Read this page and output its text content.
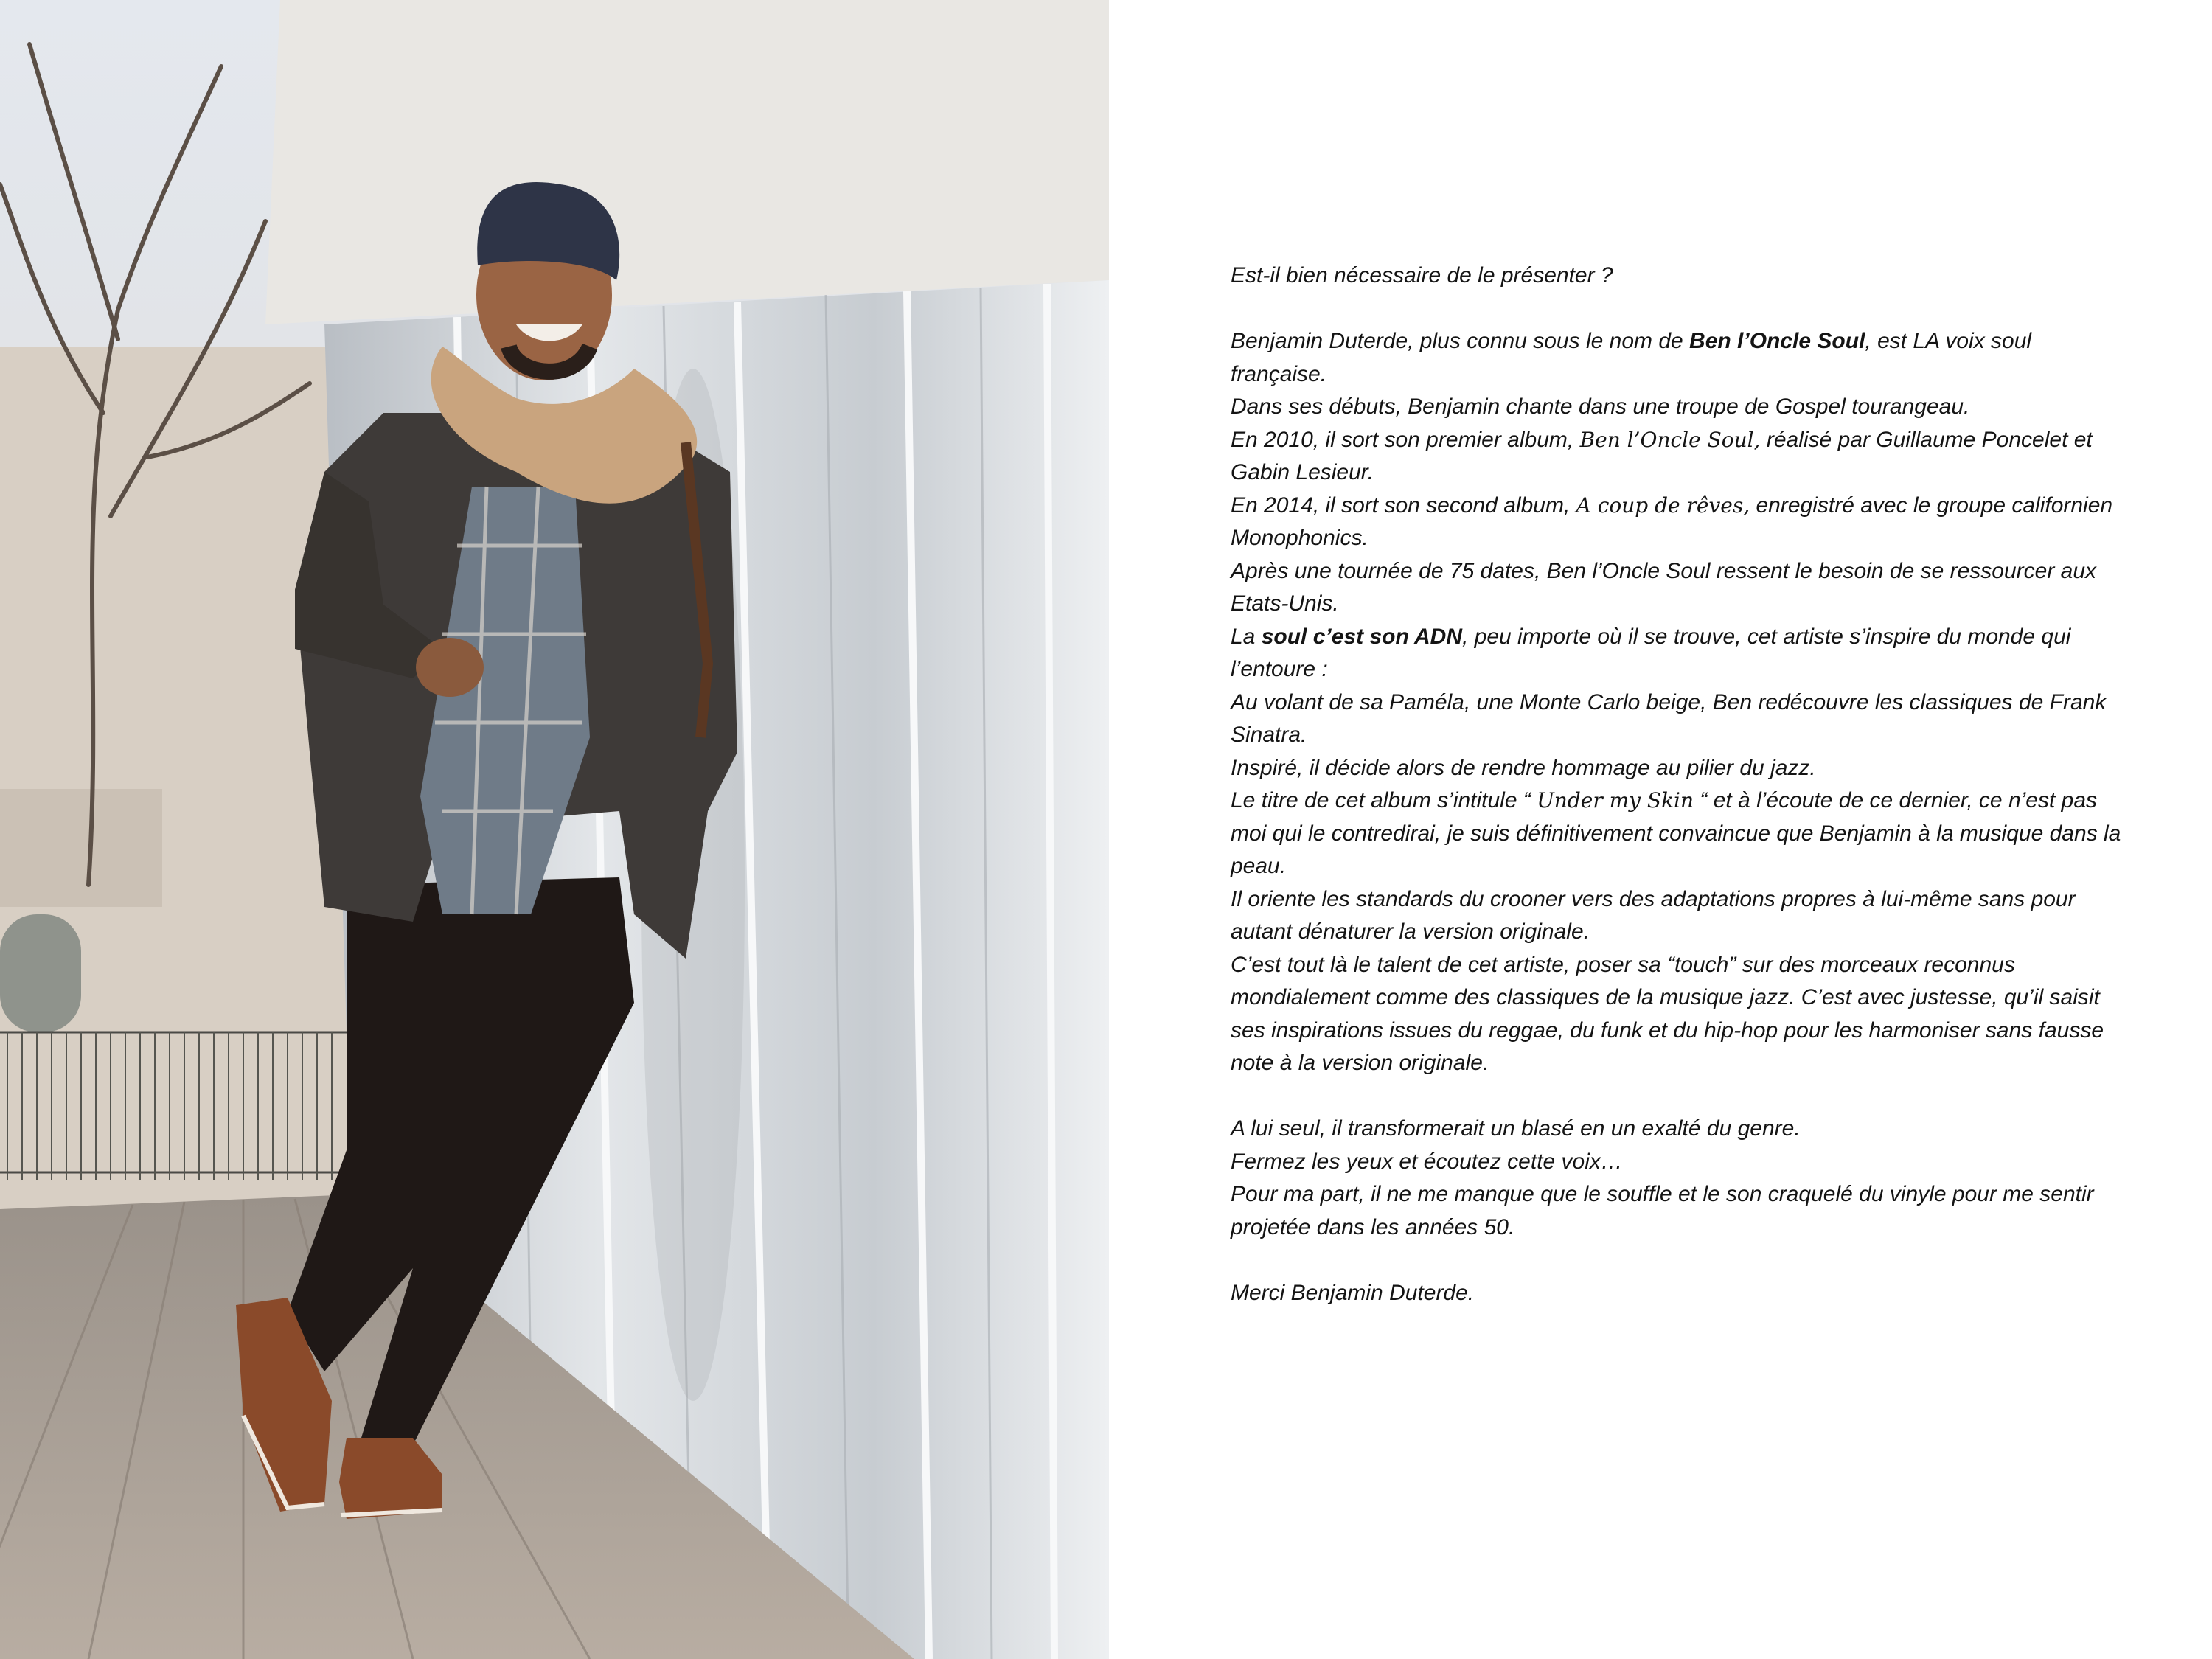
Est-il bien nécessaire de le présenter ?

Benjamin Duterde, plus connu sous le nom de Ben l’Oncle Soul, est LA voix soul française.

Dans ses débuts, Benjamin chante dans une troupe de Gospel tourangeau.

En 2010, il sort son premier album, Ben l’Oncle Soul, réalisé par Guillaume Poncelet et Gabin Lesieur.

En 2014, il sort son second album, A coup de rêves, enregistré avec le groupe californien Monophonics.

Après une tournée de 75 dates, Ben l’Oncle Soul ressent le besoin de se ressourcer aux Etats-Unis.

La soul c’est son ADN, peu importe où il se trouve, cet artiste s’inspire du monde qui l’entoure :

Au volant de sa Paméla, une Monte Carlo beige, Ben redécouvre les classiques de Frank Sinatra.

Inspiré, il décide alors de rendre hommage au pilier du jazz.

Le titre de cet album s’intitule “ Under my Skin “ et à l’écoute de ce dernier, ce n’est pas moi qui le contredirai, je suis définitivement convaincue que Benjamin à la musique dans la peau.

Il oriente les standards du crooner vers des adaptations propres à lui-même sans pour autant dénaturer la version originale.

C’est tout là le talent de cet artiste, poser sa “touch” sur des morceaux reconnus mondialement comme des classiques de la musique jazz. C’est avec justesse, qu’il saisit ses inspirations issues du reggae, du funk et du hip-hop pour les harmoniser sans fausse note à la version originale.

A lui seul, il transformerait un blasé en un exalté du genre.

Fermez les yeux et écoutez cette voix…

Pour ma part, il ne me manque que le souffle et le son craquelé du vinyle pour me sentir projetée dans les années 50.

Merci Benjamin Duterde.
